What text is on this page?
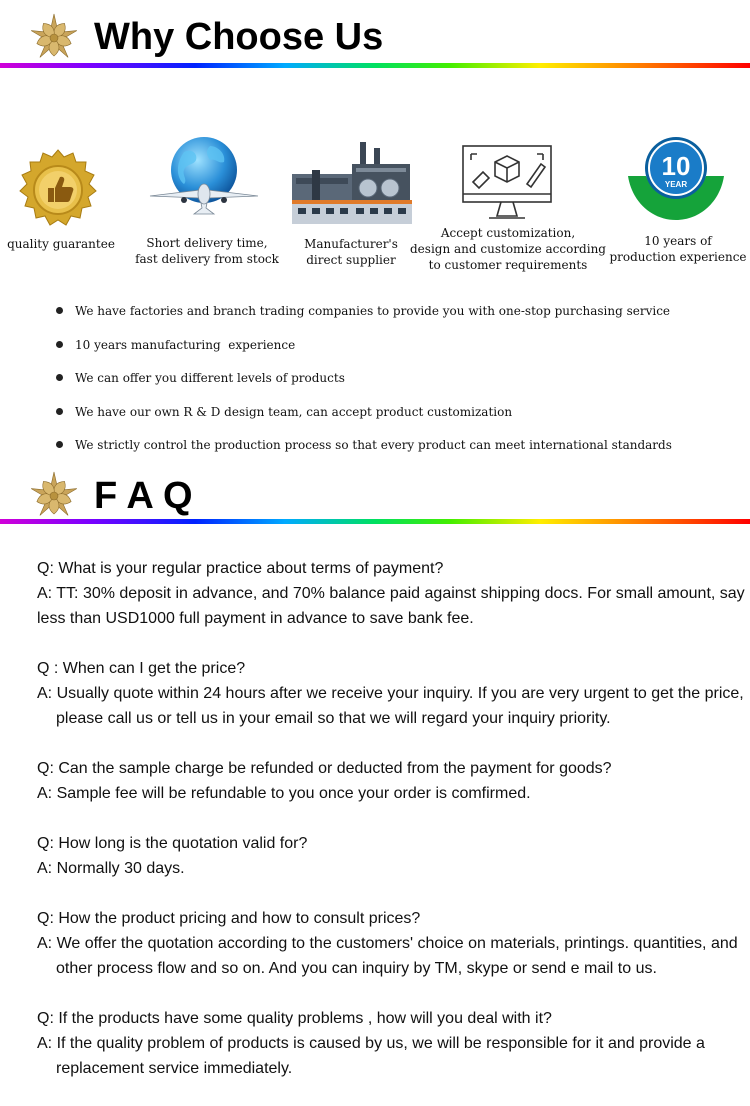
Why Choose Us
10
YEAR
quality guarantee	Short delivery time,
fast delivery from stock
Manufacturer's
direct supplier
Accept customization,
design and customize according
to customer requirements
10 years of
production experience
We have factories and branch trading companies to provide you with one-stop purchasing service
10 years manufacturing  experience
We can offer you different levels of products
We have our own R & D design team, can accept product customization
We strictly control the production process so that every product can meet international standards
F A Q

Q: What is your regular practice about terms of payment?

A: TT: 30% deposit in advance, and 70% balance paid against shipping docs. For small amount, say less than USD1000 full payment in advance to save bank fee.

Q : When can I get the price?

A: Usually quote within 24 hours after we receive your inquiry. If you are very urgent to get the price, please call us or tell us in your email so that we will regard your inquiry priority.

Q: Can the sample charge be refunded or deducted from the payment for goods?

A: Sample fee will be refundable to you once your order is comfirmed.

Q: How long is the quotation valid for?

A: Normally 30 days.

Q: How the product pricing and how to consult prices?

A: We offer the quotation according to the customers' choice on materials, printings. quantities, and other process flow and so on. And you can inquiry by TM, skype or send e mail to us.

Q: If the products have some quality problems , how will you deal with it?

A: If the quality problem of products is caused by us, we will be responsible for it and provide a replacement service immediately.
